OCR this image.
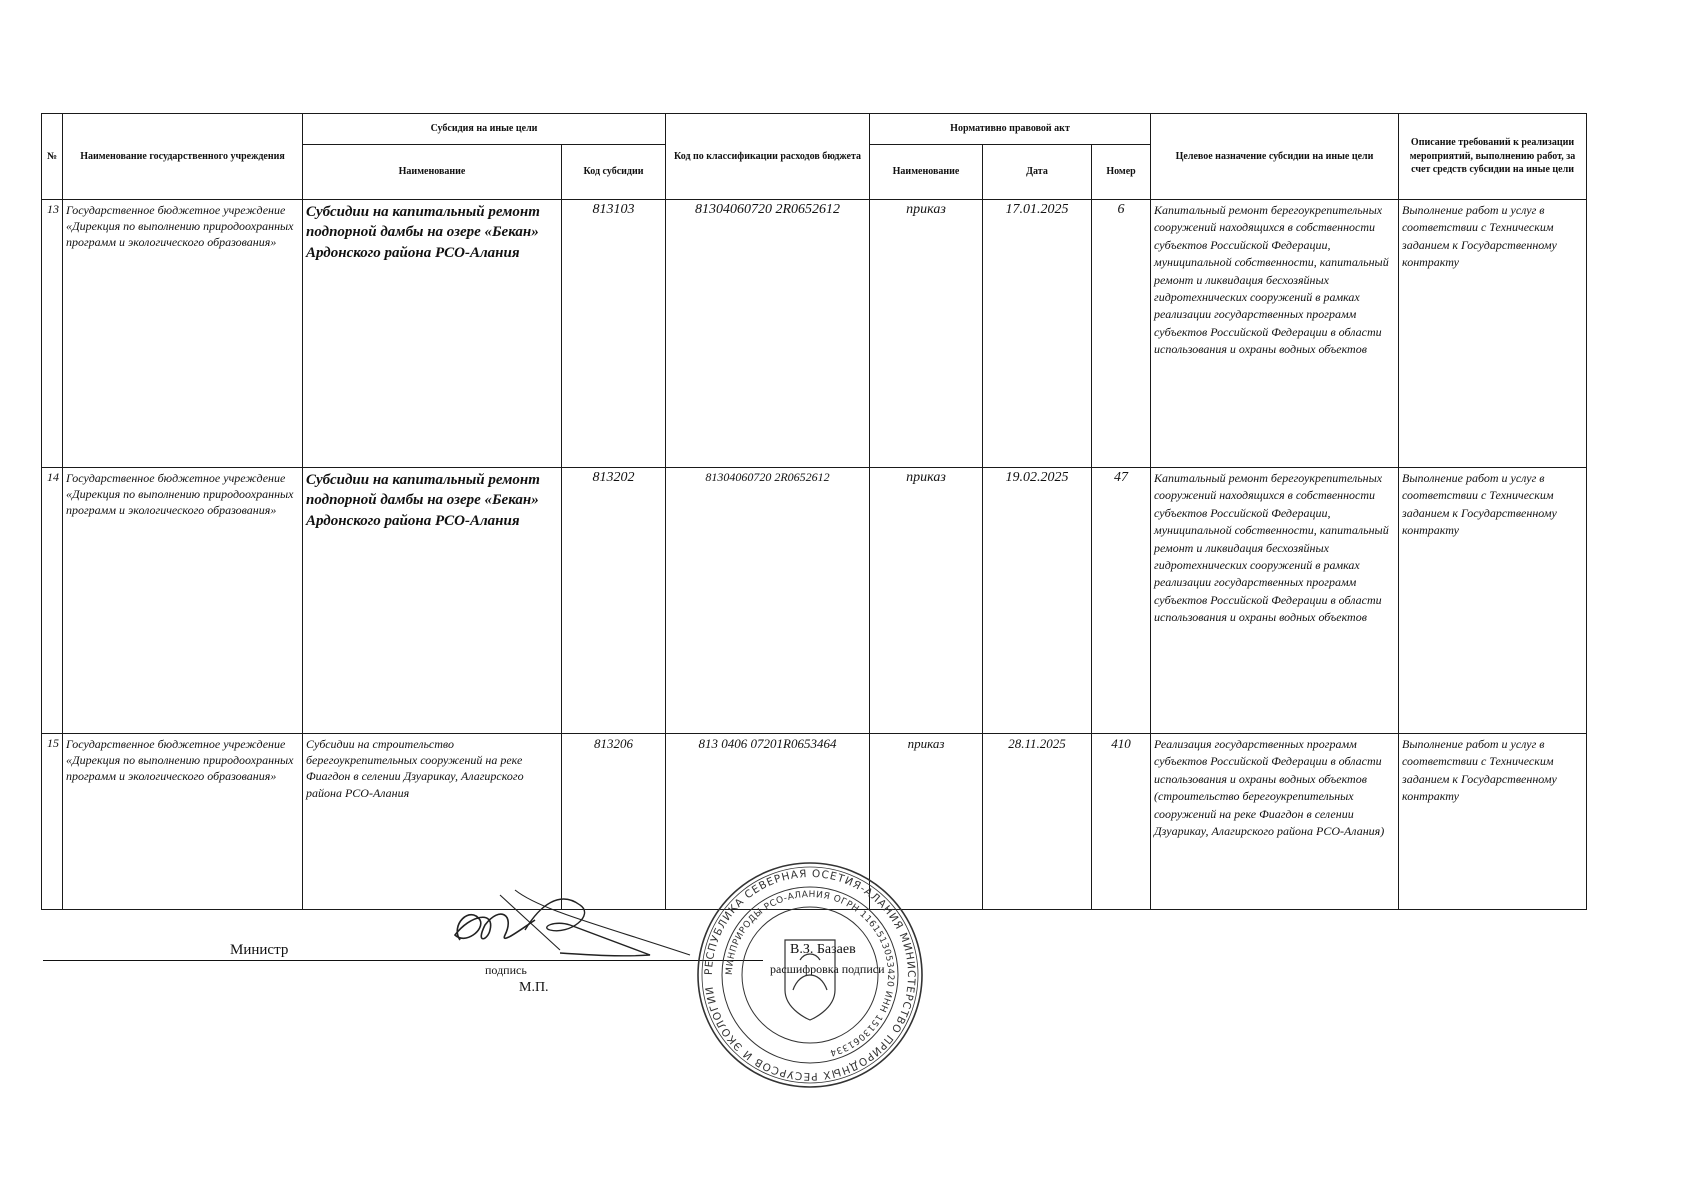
№	Наименование государственного учреждения	Субсидия на иные цели		Код по классификации расходов бюджета	Нормативно правовой акт			Целевое назначение субсидии на иные цели	Описание требований к реализации мероприятий, выполнению работ, за счет средств субсидии на иные цели
		Наименование	Код субсидии		Наименование	Дата	Номер		
13	Государственное бюджетное учреждение «Дирекция по выполнению природоохранных программ и экологического образования»	Субсидии на капитальный ремонт подпорной дамбы на озере «Бекан» Ардонского района РСО-Алания	813103	81304060720 2R0652612	приказ	17.01.2025	6	Капитальный ремонт берегоукрепительных сооружений находящихся в собственности субъектов Российской Федерации, муниципальной собственности, капитальный ремонт и ликвидация бесхозяйных гидротехнических сооружений в рамках реализации государственных программ субъектов Российской Федерации в области использования и охраны водных объектов	Выполнение работ и услуг в соответствии с Техническим заданием к Государственному контракту
14	Государственное бюджетное учреждение «Дирекция по выполнению природоохранных программ и экологического образования»	Субсидии на капитальный ремонт подпорной дамбы на озере «Бекан» Ардонского района РСО-Алания	813202	81304060720 2R0652612	приказ	19.02.2025	47	Капитальный ремонт берегоукрепительных сооружений находящихся в собственности субъектов Российской Федерации, муниципальной собственности, капитальный ремонт и ликвидация бесхозяйных гидротехнических сооружений в рамках реализации государственных программ субъектов Российской Федерации в области использования и охраны водных объектов	Выполнение работ и услуг в соответствии с Техническим заданием к Государственному контракту
15	Государственное бюджетное учреждение «Дирекция по выполнению природоохранных программ и экологического образования»	Субсидии на строительство берегоукрепительных сооружений на реке Фиагдон в селении Дзуарикау, Алагирского района РСО-Алания	813206	813 0406 07201R0653464	приказ	28.11.2025	410	Реализация государственных программ субъектов Российской Федерации в области использования и охраны водных объектов (строительство берегоукрепительных сооружений на реке Фиагдон в селении Дзуарикау, Алагирского района РСО-Алания)	Выполнение работ и услуг в соответствии с Техническим заданием к Государственному контракту
Министр
подпись
М.П.
В.З. Базаев
расшифровка подписи
РЕСПУБЛИКА СЕВЕРНАЯ ОСЕТИЯ-АЛАНИЯ МИНИСТЕРСТВО ПРИРОДНЫХ РЕСУРСОВ И ЭКОЛОГИИ
МИНПРИРОДЫ РСО-АЛАНИЯ ОГРН 1161513053420 ИНН 1513061334
